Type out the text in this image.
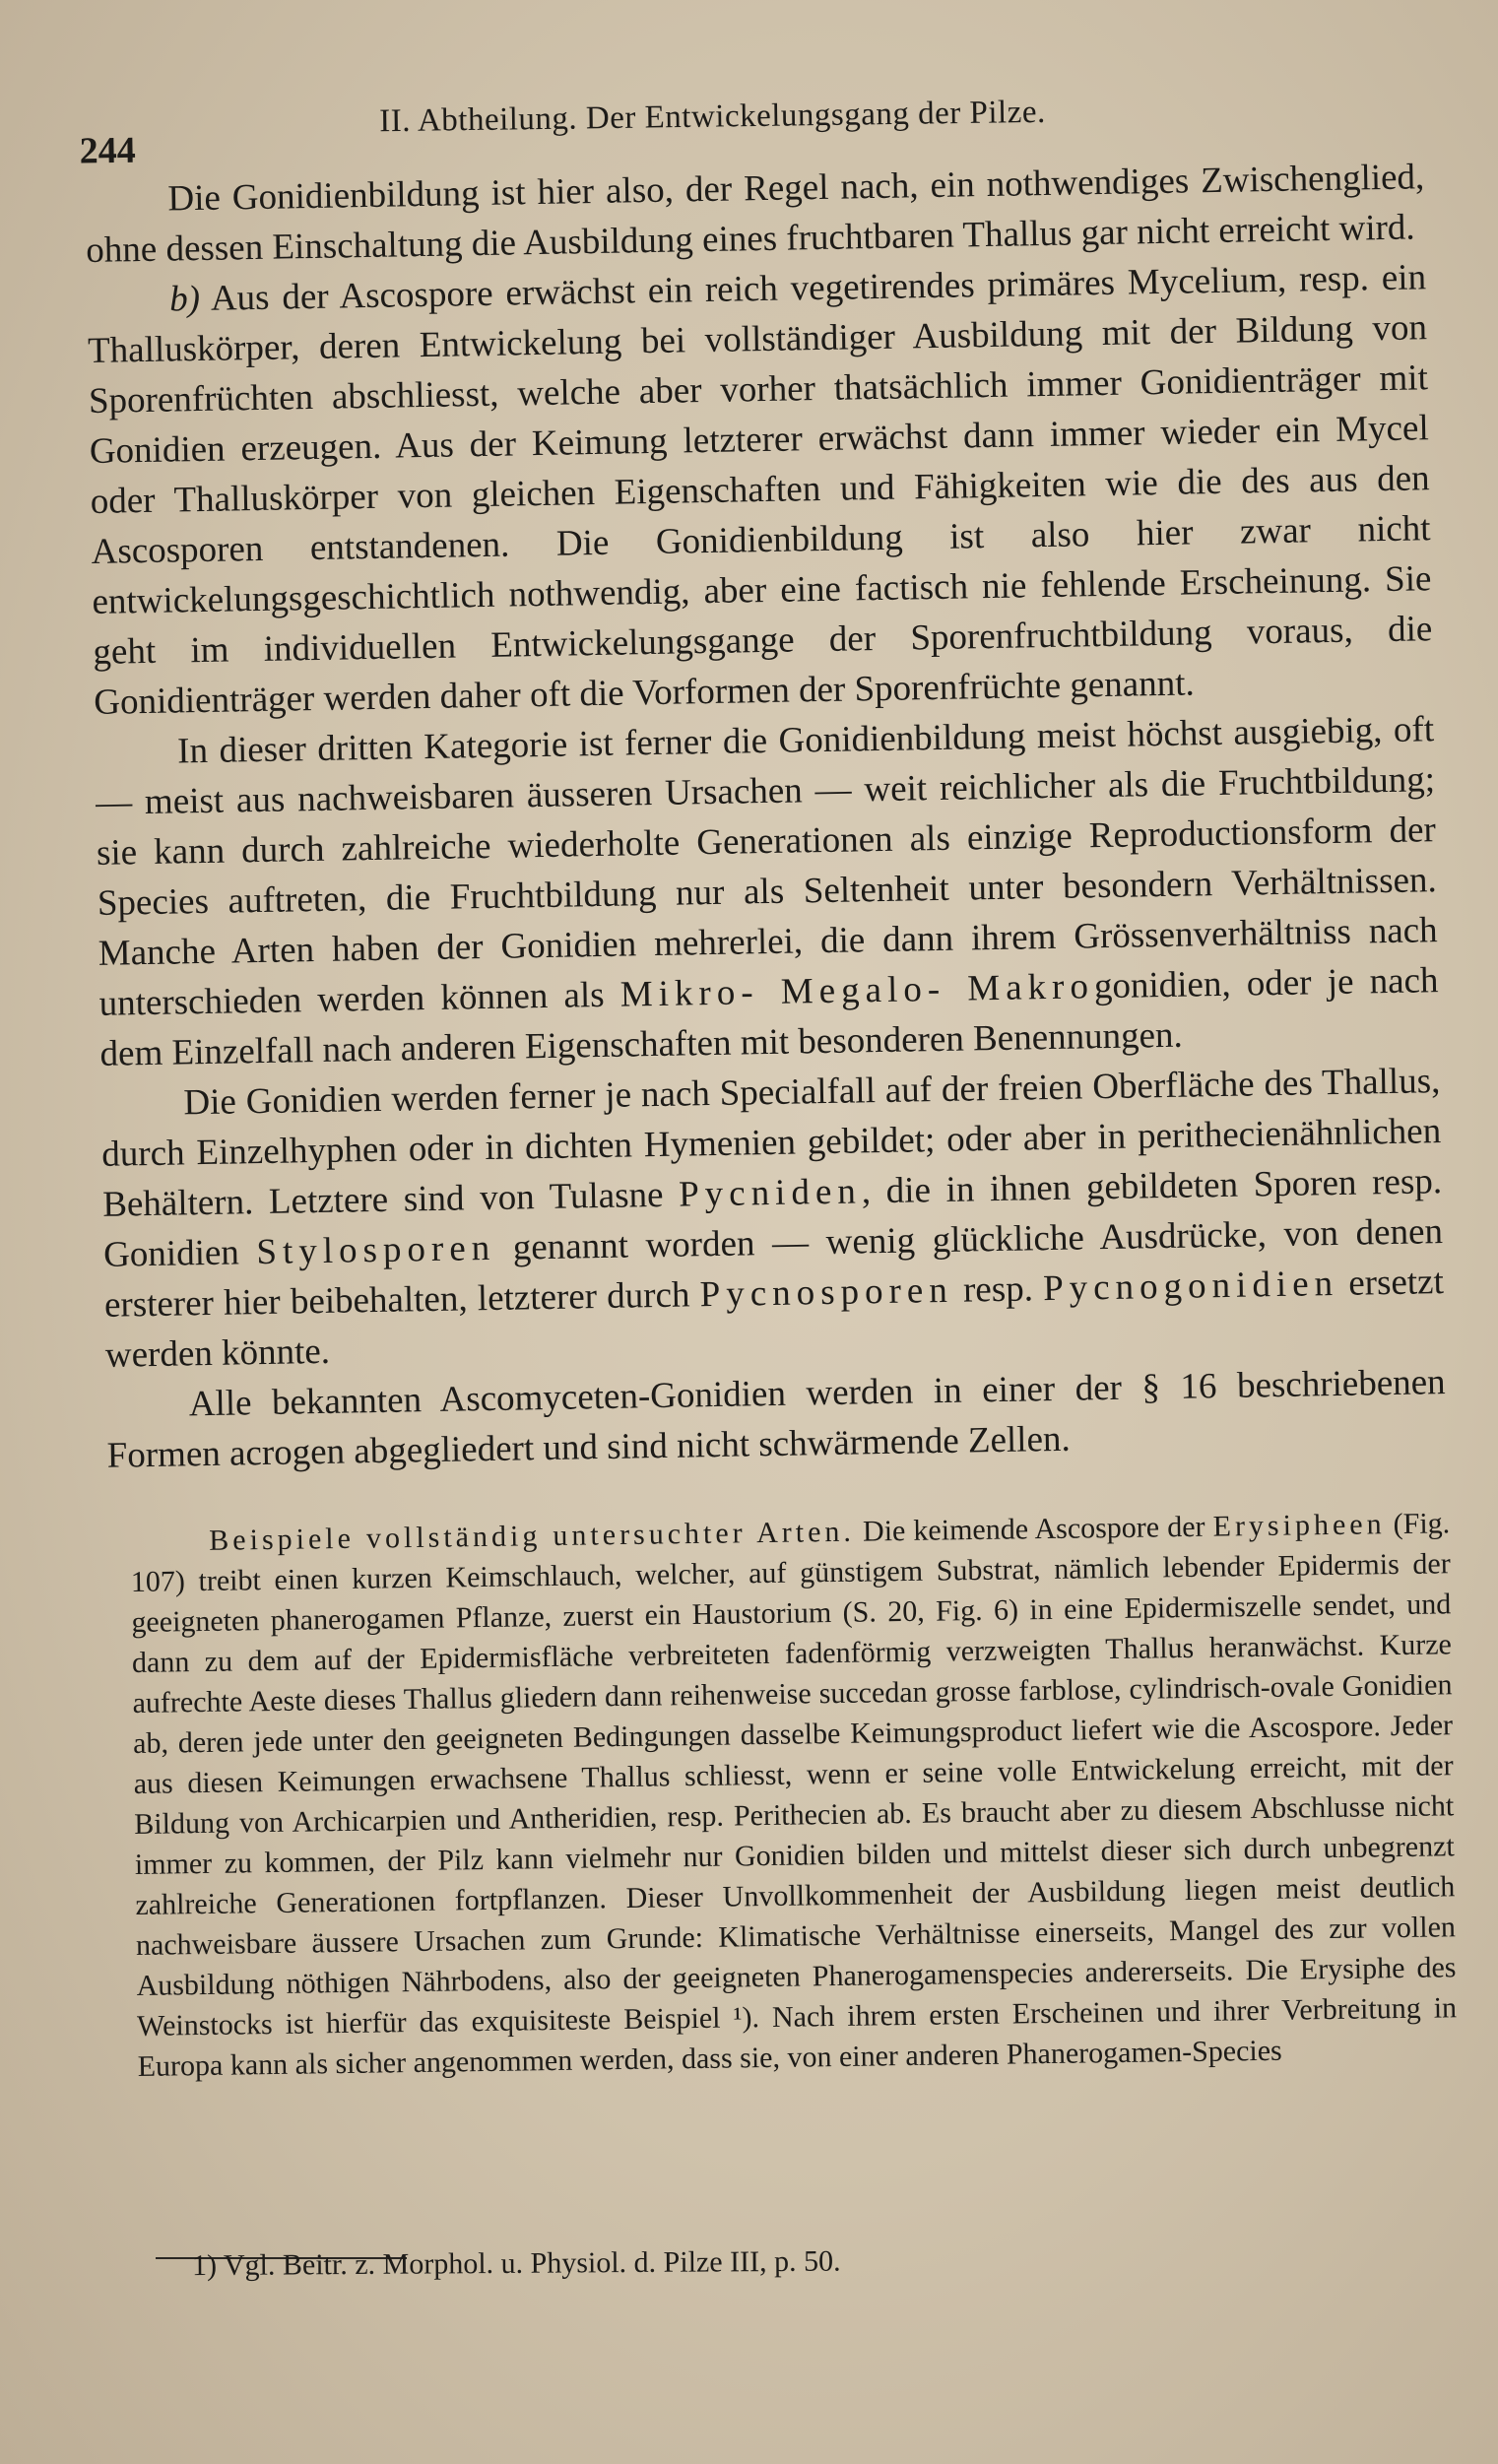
244
II. Abtheilung. Der Entwickelungsgang der Pilze.

Die Gonidienbildung ist hier also, der Regel nach, ein nothwendiges Zwischenglied, ohne dessen Einschaltung die Ausbildung eines fruchtbaren Thallus gar nicht erreicht wird.

b) Aus der Ascospore erwächst ein reich vegetirendes primäres Mycelium, resp. ein Thalluskörper, deren Entwickelung bei vollständiger Ausbildung mit der Bildung von Sporenfrüchten abschliesst, welche aber vorher thatsächlich immer Gonidienträger mit Gonidien erzeugen. Aus der Keimung letzterer erwächst dann immer wieder ein Mycel oder Thalluskörper von gleichen Eigenschaften und Fähigkeiten wie die des aus den Ascosporen entstandenen. Die Gonidienbildung ist also hier zwar nicht entwickelungsgeschichtlich nothwendig, aber eine factisch nie fehlende Erscheinung. Sie geht im individuellen Entwickelungsgange der Sporenfruchtbildung voraus, die Gonidienträger werden daher oft die Vorformen der Sporenfrüchte genannt.

In dieser dritten Kategorie ist ferner die Gonidienbildung meist höchst ausgiebig, oft — meist aus nachweisbaren äusseren Ursachen — weit reichlicher als die Fruchtbildung; sie kann durch zahlreiche wiederholte Generationen als einzige Reproductionsform der Species auftreten, die Fruchtbildung nur als Seltenheit unter besondern Verhältnissen. Manche Arten haben der Gonidien mehrerlei, die dann ihrem Grössenverhältniss nach unterschieden werden können als Mikro- Megalo- Makrogonidien, oder je nach dem Einzelfall nach anderen Eigenschaften mit besonderen Benennungen.

Die Gonidien werden ferner je nach Specialfall auf der freien Oberfläche des Thallus, durch Einzelhyphen oder in dichten Hymenien gebildet; oder aber in perithecienähnlichen Behältern. Letztere sind von Tulasne Pycniden, die in ihnen gebildeten Sporen resp. Gonidien Stylosporen genannt worden — wenig glückliche Ausdrücke, von denen ersterer hier beibehalten, letzterer durch Pycnosporen resp. Pycnogonidien ersetzt werden könnte.

Alle bekannten Ascomyceten-Gonidien werden in einer der § 16 beschriebenen Formen acrogen abgegliedert und sind nicht schwärmende Zellen.

Beispiele vollständig untersuchter Arten. Die keimende Ascospore der Erysipheen (Fig. 107) treibt einen kurzen Keimschlauch, welcher, auf günstigem Substrat, nämlich lebender Epidermis der geeigneten phanerogamen Pflanze, zuerst ein Haustorium (S. 20, Fig. 6) in eine Epidermiszelle sendet, und dann zu dem auf der Epidermisfläche verbreiteten fadenförmig verzweigten Thallus heranwächst. Kurze aufrechte Aeste dieses Thallus gliedern dann reihenweise succedan grosse farblose, cylindrisch-ovale Gonidien ab, deren jede unter den geeigneten Bedingungen dasselbe Keimungsproduct liefert wie die Ascospore. Jeder aus diesen Keimungen erwachsene Thallus schliesst, wenn er seine volle Entwickelung erreicht, mit der Bildung von Archicarpien und Antheridien, resp. Perithecien ab. Es braucht aber zu diesem Abschlusse nicht immer zu kommen, der Pilz kann vielmehr nur Gonidien bilden und mittelst dieser sich durch unbegrenzt zahlreiche Generationen fortpflanzen. Dieser Unvollkommenheit der Ausbildung liegen meist deutlich nachweisbare äussere Ursachen zum Grunde: Klimatische Verhältnisse einerseits, Mangel des zur vollen Ausbildung nöthigen Nährbodens, also der geeigneten Phanerogamenspecies andererseits. Die Erysiphe des Weinstocks ist hierfür das exquisiteste Beispiel ¹). Nach ihrem ersten Erscheinen und ihrer Verbreitung in Europa kann als sicher angenommen werden, dass sie, von einer anderen Phanerogamen-Species

1) Vgl. Beitr. z. Morphol. u. Physiol. d. Pilze III, p. 50.
